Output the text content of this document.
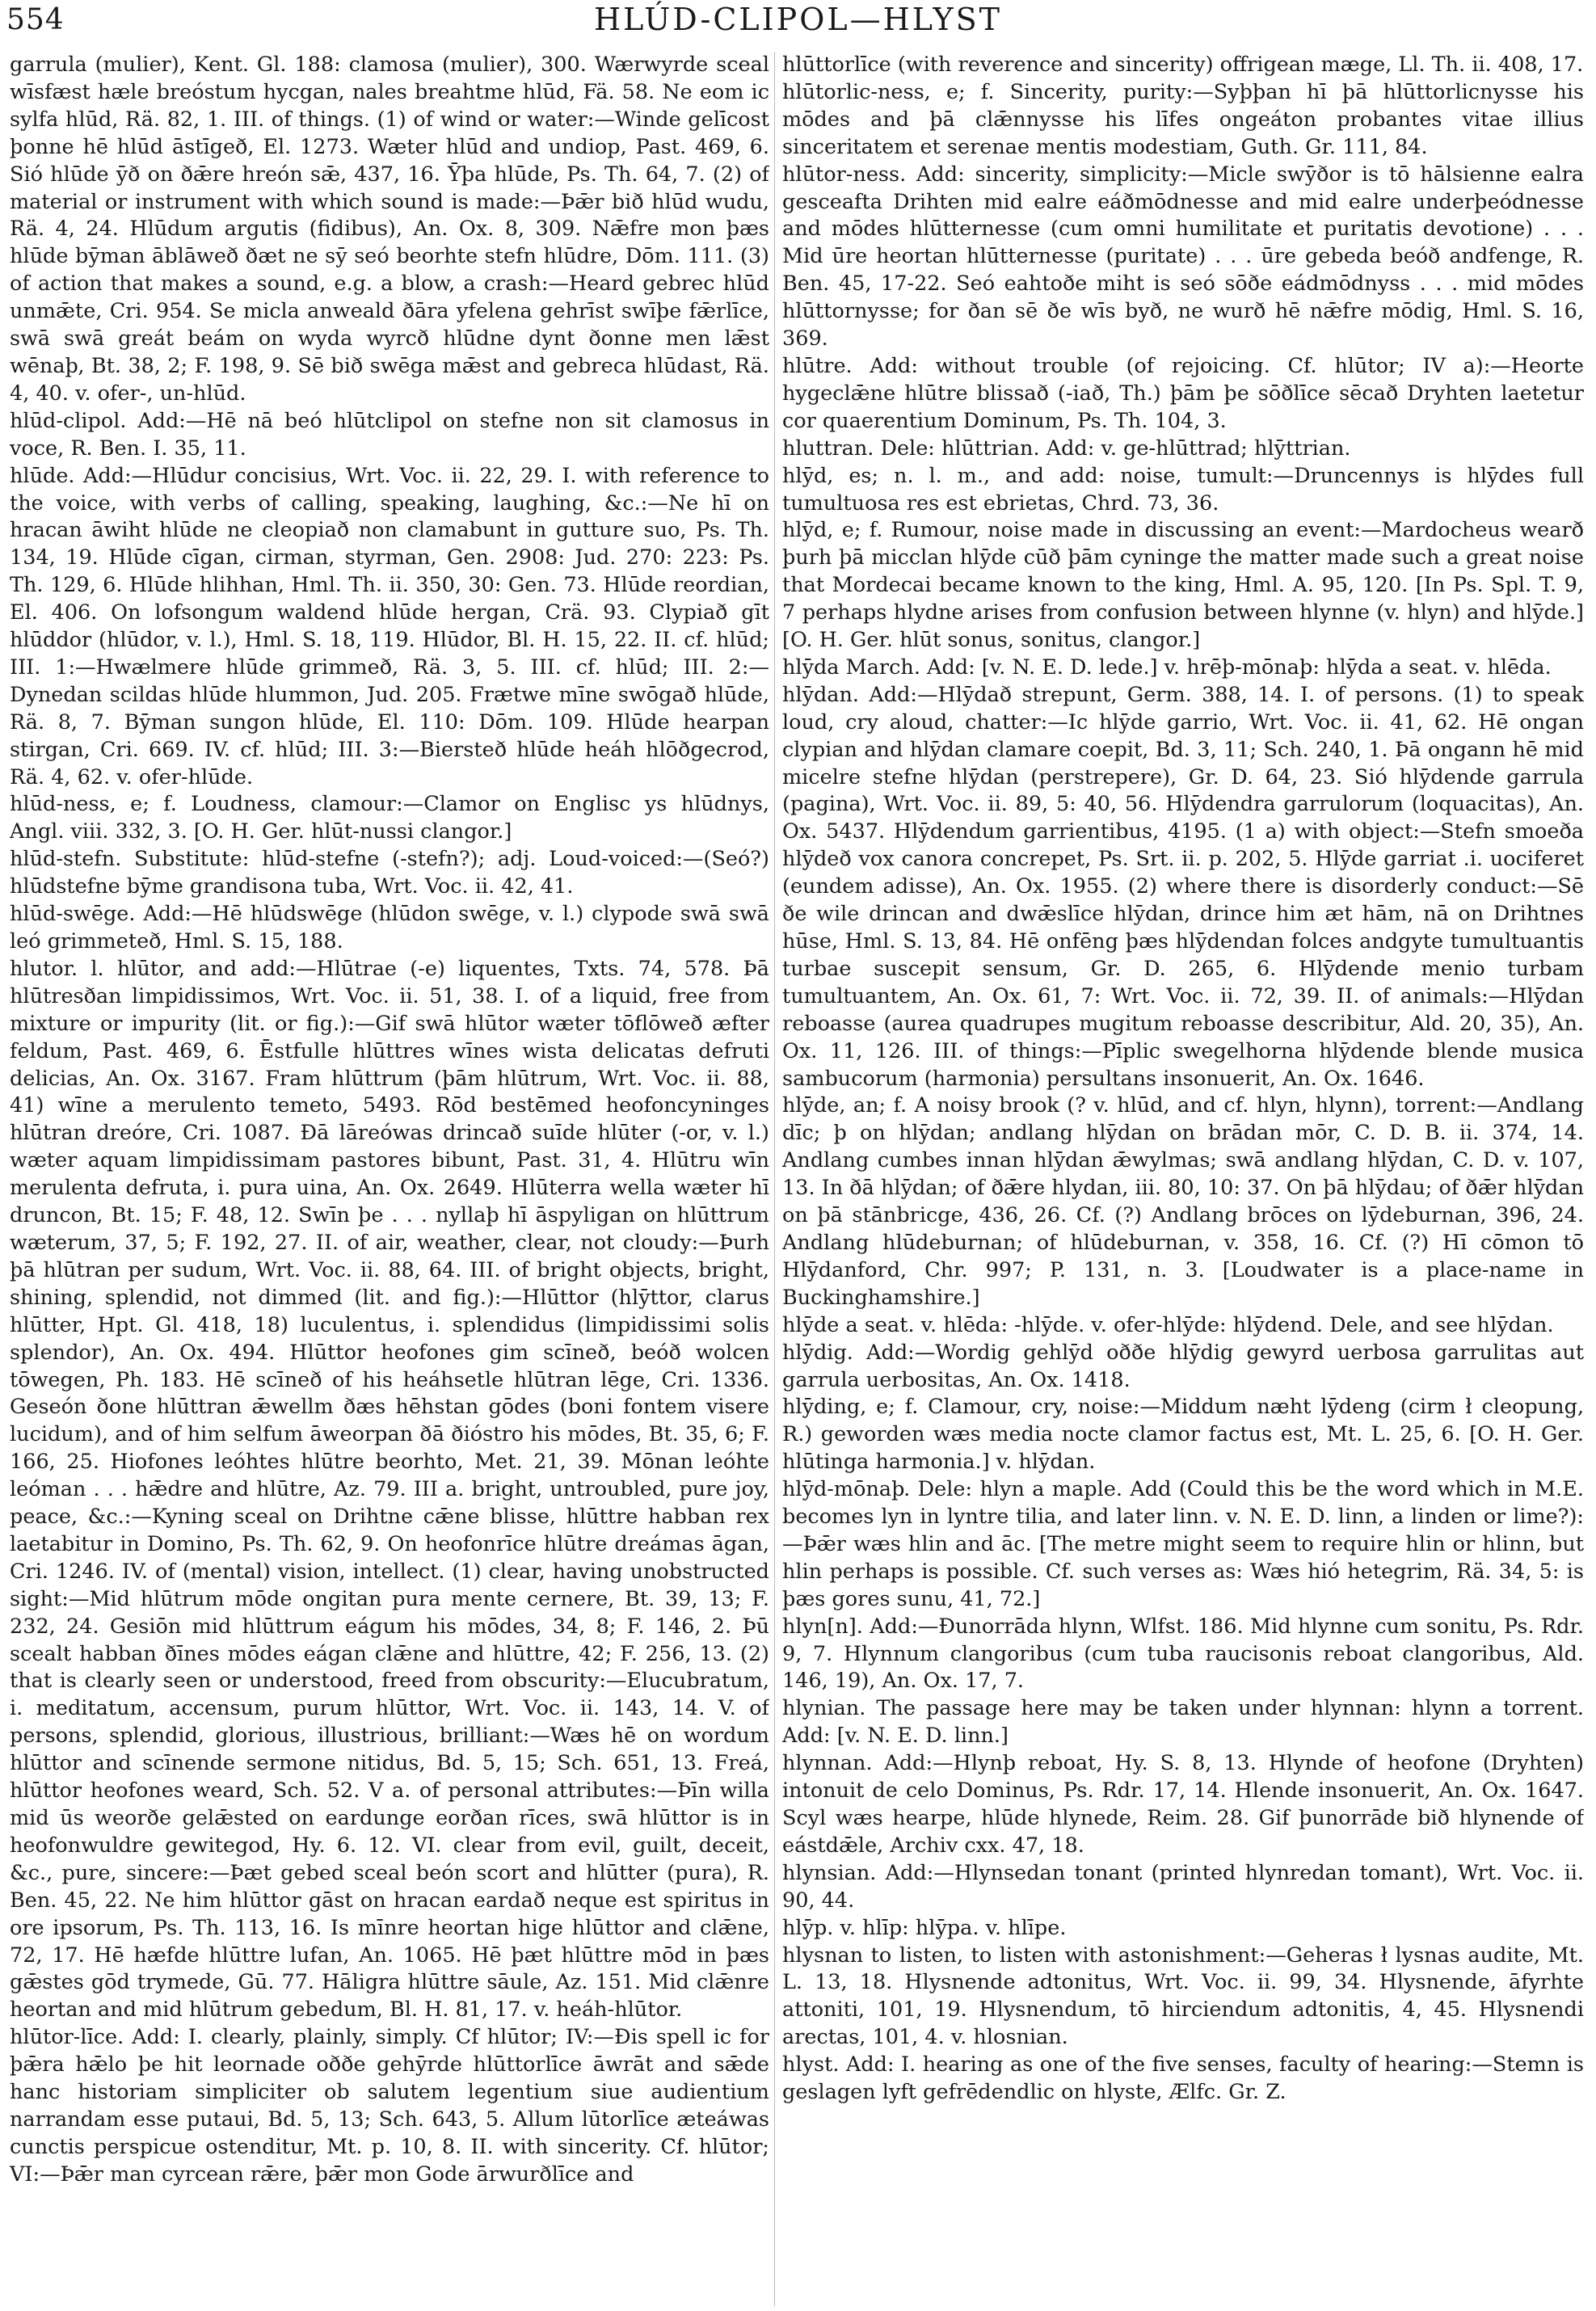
554	HLÚD-CLIPOL—HLYST
garrula (mulier), Kent. Gl. 188: clamosa (mulier), 300. Wærwyrde sceal wīsfæst hæle breóstum hycgan, nales breahtme hlūd, Fä. 58. Ne eom ic sylfa hlūd, Rä. 82, 1. III. of things. (1) of wind or water:—Winde gelīcost þonne hē hlūd āstīgeð, El. 1273. Wæter hlūd and undiop, Past. 469, 6. Sió hlūde ȳð on ðǣre hreón sǣ, 437, 16. Ȳþa hlūde, Ps. Th. 64, 7. (2) of material or instrument with which sound is made:—Þǣr bið hlūd wudu, Rä. 4, 24. Hlūdum argutis (fidibus), An. Ox. 8, 309. Nǣfre mon þæs hlūde bȳman āblāweð ðæt ne sȳ seó beorhte stefn hlūdre, Dōm. 111. (3) of action that makes a sound, e.g. a blow, a crash:—Heard gebrec hlūd unmǣte, Cri. 954. Se micla anweald ðāra yfelena gehrīst swīþe fǣrlīce, swā swā greát beám on wyda wyrcð hlūdne dynt ðonne men lǣst wēnaþ, Bt. 38, 2; F. 198, 9. Sē bið swēga mǣst and gebreca hlūdast, Rä. 4, 40. v. ofer-, un-hlūd.
hlūd-clipol. Add:—Hē nā beó hlūtclipol on stefne non sit clamosus in voce, R. Ben. I. 35, 11.
hlūde. Add:—Hlūdur concisius, Wrt. Voc. ii. 22, 29. I. with reference to the voice, with verbs of calling, speaking, laughing, &c.:—Ne hī on hracan āwiht hlūde ne cleopiað non clamabunt in gutture suo, Ps. Th. 134, 19. Hlūde cīgan, cirman, styrman, Gen. 2908: Jud. 270: 223: Ps. Th. 129, 6. Hlūde hlihhan, Hml. Th. ii. 350, 30: Gen. 73. Hlūde reordian, El. 406. On lofsongum waldend hlūde hergan, Crä. 93. Clypiað gīt hlūddor (hlūdor, v. l.), Hml. S. 18, 119. Hlūdor, Bl. H. 15, 22. II. cf. hlūd; III. 1:—Hwælmere hlūde grimmeð, Rä. 3, 5. III. cf. hlūd; III. 2:—Dynedan scildas hlūde hlummon, Jud. 205. Frætwe mīne swōgað hlūde, Rä. 8, 7. Bȳman sungon hlūde, El. 110: Dōm. 109. Hlūde hearpan stirgan, Cri. 669. IV. cf. hlūd; III. 3:—Biersteð hlūde heáh hlōðgecrod, Rä. 4, 62. v. ofer-hlūde.
hlūd-ness, e; f. Loudness, clamour:—Clamor on Englisc ys hlūdnys, Angl. viii. 332, 3. [O. H. Ger. hlūt-nussi clangor.]
hlūd-stefn. Substitute: hlūd-stefne (-stefn?); adj. Loud-voiced:—(Seó?) hlūdstefne bȳme grandisona tuba, Wrt. Voc. ii. 42, 41.
hlūd-swēge. Add:—Hē hlūdswēge (hlūdon swēge, v. l.) clypode swā swā leó grimmeteð, Hml. S. 15, 188.
hlutor. l. hlūtor, and add:—Hlūtrae (-e) liquentes, Txts. 74, 578. Þā hlūtresðan limpidissimos, Wrt. Voc. ii. 51, 38. I. of a liquid, free from mixture or impurity (lit. or fig.):—Gif swā hlūtor wæter tōflōweð æfter feldum, Past. 469, 6. Ēstfulle hlūttres wīnes wista delicatas defruti delicias, An. Ox. 3167. Fram hlūttrum (þām hlūtrum, Wrt. Voc. ii. 88, 41) wīne a merulento temeto, 5493. Rōd bestēmed heofoncyninges hlūtran dreóre, Cri. 1087. Ðā lāreówas drincað suīde hlūter (-or, v. l.) wæter aquam limpidissimam pastores bibunt, Past. 31, 4. Hlūtru wīn merulenta defruta, i. pura uina, An. Ox. 2649. Hlūterra wella wæter hī druncon, Bt. 15; F. 48, 12. Swīn þe . . . nyllaþ hī āspyligan on hlūttrum wæterum, 37, 5; F. 192, 27. II. of air, weather, clear, not cloudy:—Þurh þā hlūtran per sudum, Wrt. Voc. ii. 88, 64. III. of bright objects, bright, shining, splendid, not dimmed (lit. and fig.):—Hlūttor (hlȳttor, clarus hlūtter, Hpt. Gl. 418, 18) luculentus, i. splendidus (limpidissimi solis splendor), An. Ox. 494. Hlūttor heofones gim scīneð, beóð wolcen tōwegen, Ph. 183. Hē scīneð of his heáhsetle hlūtran lēge, Cri. 1336. Geseón ðone hlūttran ǣwellm ðæs hēhstan gōdes (boni fontem visere lucidum), and of him selfum āweorpan ðā ðióstro his mōdes, Bt. 35, 6; F. 166, 25. Hiofones leóhtes hlūtre beorhto, Met. 21, 39. Mōnan leóhte leóman . . . hǣdre and hlūtre, Az. 79. III a. bright, untroubled, pure joy, peace, &c.:—Kyning sceal on Drihtne cǣne blisse, hlūttre habban rex laetabitur in Domino, Ps. Th. 62, 9. On heofonrīce hlūtre dreámas āgan, Cri. 1246. IV. of (mental) vision, intellect. (1) clear, having unobstructed sight:—Mid hlūtrum mōde ongitan pura mente cernere, Bt. 39, 13; F. 232, 24. Gesiōn mid hlūttrum eágum his mōdes, 34, 8; F. 146, 2. Þū scealt habban ðīnes mōdes eágan clǣne and hlūttre, 42; F. 256, 13. (2) that is clearly seen or understood, freed from obscurity:—Elucubratum, i. meditatum, accensum, purum hlūttor, Wrt. Voc. ii. 143, 14. V. of persons, splendid, glorious, illustrious, brilliant:—Wæs hē on wordum hlūttor and scīnende sermone nitidus, Bd. 5, 15; Sch. 651, 13. Freá, hlūttor heofones weard, Sch. 52. V a. of personal attributes:—Þīn willa mid ūs weorðe gelǣsted on eardunge eorðan rīces, swā hlūttor is in heofonwuldre gewitegod, Hy. 6. 12. VI. clear from evil, guilt, deceit, &c., pure, sincere:—Þæt gebed sceal beón scort and hlūtter (pura), R. Ben. 45, 22. Ne him hlūttor gāst on hracan eardað neque est spiritus in ore ipsorum, Ps. Th. 113, 16. Is mīnre heortan hige hlūttor and clǣne, 72, 17. Hē hæfde hlūttre lufan, An. 1065. Hē þæt hlūttre mōd in þæs gǣstes gōd trymede, Gū. 77. Hāligra hlūttre sāule, Az. 151. Mid clǣnre heortan and mid hlūtrum gebedum, Bl. H. 81, 17. v. heáh-hlūtor.
hlūtor-līce. Add: I. clearly, plainly, simply. Cf hlūtor; IV:—Ðis spell ic for þǣra hǣlo þe hit leornade oððe gehȳrde hlūttorlīce āwrāt and sǣde hanc historiam simpliciter ob salutem legentium siue audientium narrandam esse putaui, Bd. 5, 13; Sch. 643, 5. Allum lūtorlīce æteáwas cunctis perspicue ostenditur, Mt. p. 10, 8. II. with sincerity. Cf. hlūtor; VI:—Þǣr man cyrcean rǣre, þǣr mon Gode ārwurðlīce and
hlūttorlīce (with reverence and sincerity) offrigean mæge, Ll. Th. ii. 408, 17.
hlūtorlic-ness, e; f. Sincerity, purity:—Syþþan hī þā hlūttorlicnysse his mōdes and þā clǣnnysse his līfes ongeáton probantes vitae illius sinceritatem et serenae mentis modestiam, Guth. Gr. 111, 84.
hlūtor-ness. Add: sincerity, simplicity:—Micle swȳðor is tō hālsienne ealra gesceafta Drihten mid ealre eáðmōdnesse and mid ealre underþeódnesse and mōdes hlūtternesse (cum omni humilitate et puritatis devotione) . . . Mid ūre heortan hlūtternesse (puritate) . . . ūre gebeda beóð andfenge, R. Ben. 45, 17-22. Seó eahtoðe miht is seó sōðe eádmōdnyss . . . mid mōdes hlūttornysse; for ðan sē ðe wīs byð, ne wurð hē nǣfre mōdig, Hml. S. 16, 369.
hlūtre. Add: without trouble (of rejoicing. Cf. hlūtor; IV a):—Heorte hygeclǣne hlūtre blissað (-iað, Th.) þām þe sōðlīce sēcað Dryhten laetetur cor quaerentium Dominum, Ps. Th. 104, 3.
hluttran. Dele: hlūttrian. Add: v. ge-hlūttrad; hlȳttrian.
hlȳd, es; n. l. m., and add: noise, tumult:—Druncennys is hlȳdes full tumultuosa res est ebrietas, Chrd. 73, 36.
hlȳd, e; f. Rumour, noise made in discussing an event:—Mardocheus wearð þurh þā micclan hlȳde cūð þām cyninge the matter made such a great noise that Mordecai became known to the king, Hml. A. 95, 120. [In Ps. Spl. T. 9, 7 perhaps hlydne arises from confusion between hlynne (v. hlyn) and hlȳde.] [O. H. Ger. hlūt sonus, sonitus, clangor.]
hlȳda March. Add: [v. N. E. D. lede.] v. hrēþ-mōnaþ: hlȳda a seat. v. hlēda.
hlȳdan. Add:—Hlȳdað strepunt, Germ. 388, 14. I. of persons. (1) to speak loud, cry aloud, chatter:—Ic hlȳde garrio, Wrt. Voc. ii. 41, 62. Hē ongan clypian and hlȳdan clamare coepit, Bd. 3, 11; Sch. 240, 1. Þā ongann hē mid micelre stefne hlȳdan (perstrepere), Gr. D. 64, 23. Sió hlȳdende garrula (pagina), Wrt. Voc. ii. 89, 5: 40, 56. Hlȳdendra garrulorum (loquacitas), An. Ox. 5437. Hlȳdendum garrientibus, 4195. (1 a) with object:—Stefn smoeða hlȳdeð vox canora concrepet, Ps. Srt. ii. p. 202, 5. Hlȳde garriat .i. uociferet (eundem adisse), An. Ox. 1955. (2) where there is disorderly conduct:—Sē ðe wile drincan and dwǣslīce hlȳdan, drince him æt hām, nā on Drihtnes hūse, Hml. S. 13, 84. Hē onfēng þæs hlȳdendan folces andgyte tumultuantis turbae suscepit sensum, Gr. D. 265, 6. Hlȳdende menio turbam tumultuantem, An. Ox. 61, 7: Wrt. Voc. ii. 72, 39. II. of animals:—Hlȳdan reboasse (aurea quadrupes mugitum reboasse describitur, Ald. 20, 35), An. Ox. 11, 126. III. of things:—Pīplic swegelhorna hlȳdende blende musica sambucorum (harmonia) persultans insonuerit, An. Ox. 1646.
hlȳde, an; f. A noisy brook (? v. hlūd, and cf. hlyn, hlynn), torrent:—Andlang dīc; þ on hlȳdan; andlang hlȳdan on brādan mōr, C. D. B. ii. 374, 14. Andlang cumbes innan hlȳdan ǣwylmas; swā andlang hlȳdan, C. D. v. 107, 13. In ðā hlȳdan; of ðǣre hlydan, iii. 80, 10: 37. On þā hlȳdau; of ðǣr hlȳdan on þā stānbricge, 436, 26. Cf. (?) Andlang brōces on lȳdeburnan, 396, 24. Andlang hlūdeburnan; of hlūdeburnan, v. 358, 16. Cf. (?) Hī cōmon tō Hlȳdanford, Chr. 997; P. 131, n. 3. [Loudwater is a place-name in Buckinghamshire.]
hlȳde a seat. v. hlēda: -hlȳde. v. ofer-hlȳde: hlȳdend. Dele, and see hlȳdan.
hlȳdig. Add:—Wordig gehlȳd oððe hlȳdig gewyrd uerbosa garrulitas aut garrula uerbositas, An. Ox. 1418.
hlȳding, e; f. Clamour, cry, noise:—Middum næht lȳdeng (cirm ł cleopung, R.) geworden wæs media nocte clamor factus est, Mt. L. 25, 6. [O. H. Ger. hlūtinga harmonia.] v. hlȳdan.
hlȳd-mōnaþ. Dele: hlyn a maple. Add (Could this be the word which in M.E. becomes lyn in lyntre tilia, and later linn. v. N. E. D. linn, a linden or lime?):—Þǣr wæs hlin and āc. [The metre might seem to require hlin or hlinn, but hlin perhaps is possible. Cf. such verses as: Wæs hió hetegrim, Rä. 34, 5: is þæs gores sunu, 41, 72.]
hlyn[n]. Add:—Ðunorrāda hlynn, Wlfst. 186. Mid hlynne cum sonitu, Ps. Rdr. 9, 7. Hlynnum clangoribus (cum tuba raucisonis reboat clangoribus, Ald. 146, 19), An. Ox. 17, 7.
hlynian. The passage here may be taken under hlynnan: hlynn a torrent. Add: [v. N. E. D. linn.]
hlynnan. Add:—Hlynþ reboat, Hy. S. 8, 13. Hlynde of heofone (Dryhten) intonuit de celo Dominus, Ps. Rdr. 17, 14. Hlende insonuerit, An. Ox. 1647. Scyl wæs hearpe, hlūde hlynede, Reim. 28. Gif þunorrāde bið hlynende of eástdǣle, Archiv cxx. 47, 18.
hlynsian. Add:—Hlynsedan tonant (printed hlynredan tomant), Wrt. Voc. ii. 90, 44.
hlȳp. v. hlīp: hlȳpa. v. hlīpe.
hlysnan to listen, to listen with astonishment:—Geheras ł lysnas audite, Mt. L. 13, 18. Hlysnende adtonitus, Wrt. Voc. ii. 99, 34. Hlysnende, āfyrhte attoniti, 101, 19. Hlysnendum, tō hirciendum adtonitis, 4, 45. Hlysnendi arectas, 101, 4. v. hlosnian.
hlyst. Add: I. hearing as one of the five senses, faculty of hearing:—Stemn is geslagen lyft gefrēdendlic on hlyste, Ælfc. Gr. Z.
